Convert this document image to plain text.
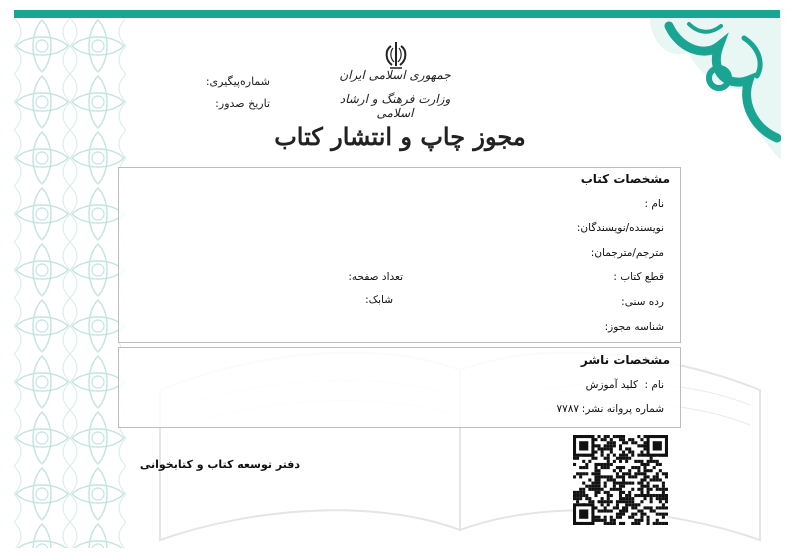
جمهوری اسلامی ایران
وزارت فرهنگ و ارشاد اسلامی
شماره‌پیگیری:
تاریخ صدور:
مجوز چاپ و انتشار کتاب
مشخصات کتاب
نام :
نویسنده/نویسندگان:
مترجم/مترجمان:
قطع کتاب :
تعداد صفحه:
رده سنی:
شابک:
شناسه مجوز:
مشخصات ناشر
نام :
کلید آموزش
شماره پروانه نشر:
۷۷۸۷
دفتر توسعه کتاب و کتابخوانی
